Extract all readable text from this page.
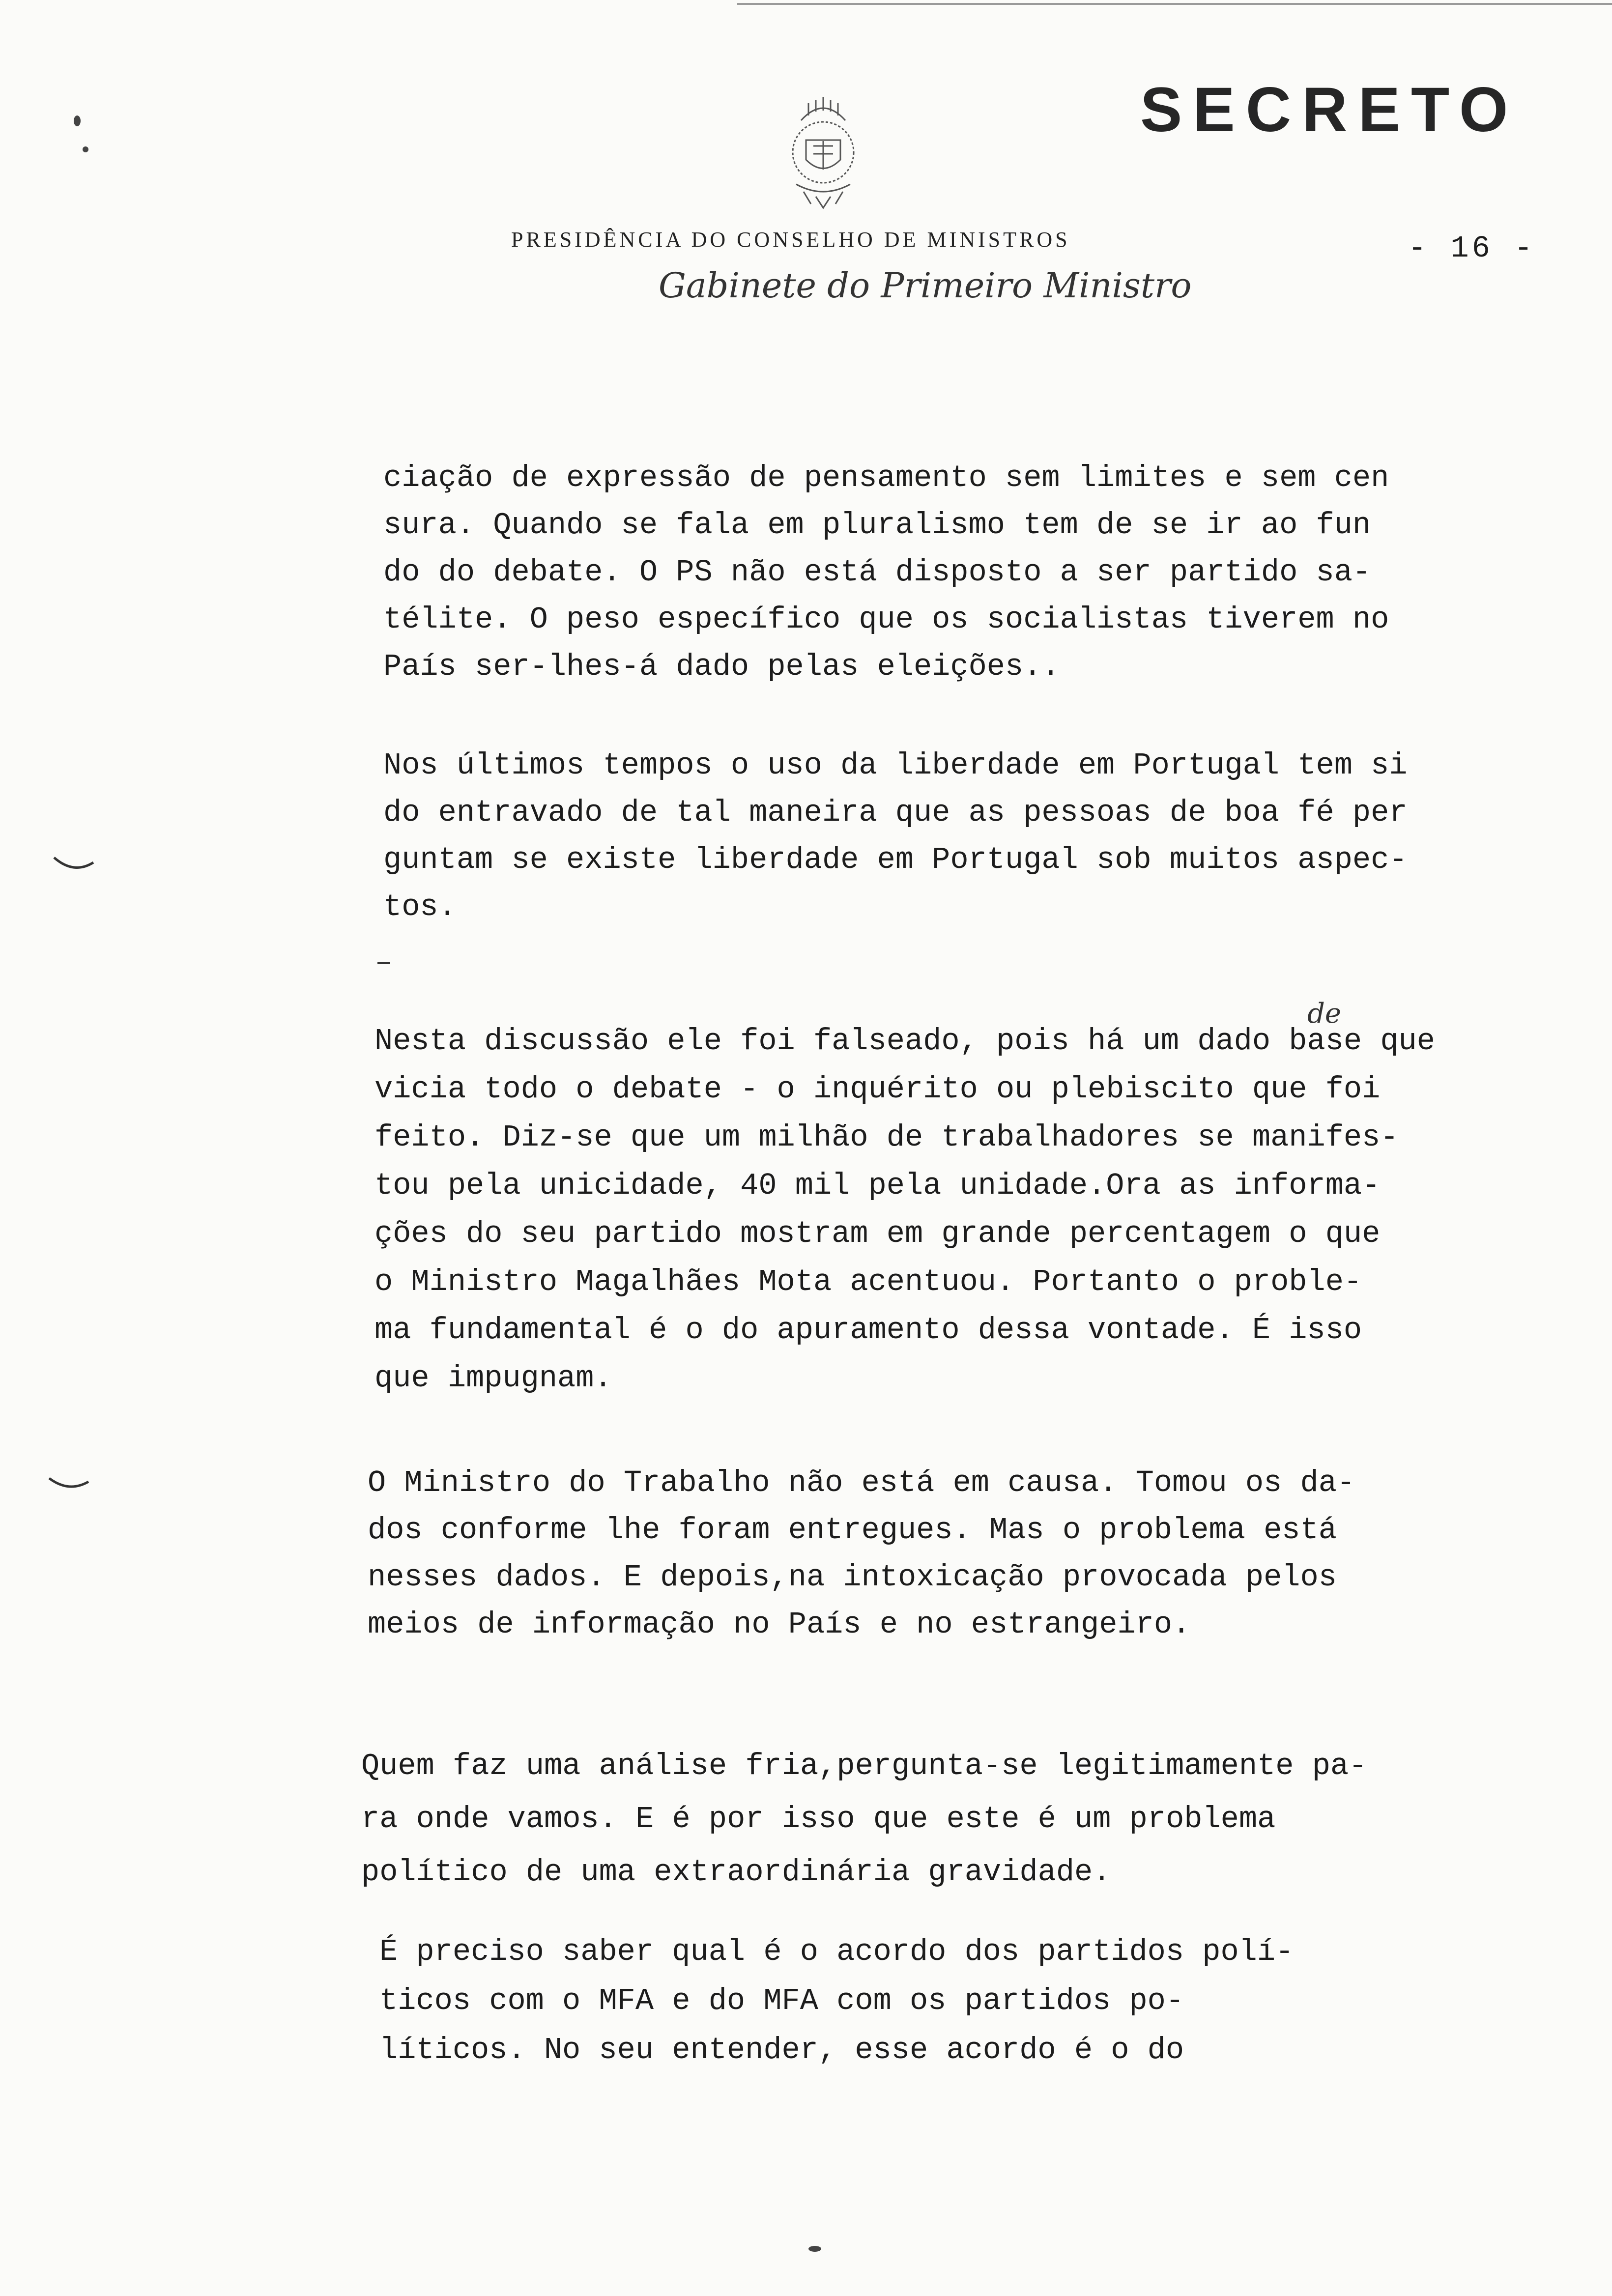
SECRETO
PRESIDÊNCIA DO CONSELHO DE MINISTROS
Gabinete do Primeiro Ministro
- 16 -
de
ciação de expressão de pensamento sem limites e sem cen
sura. Quando se fala em pluralismo tem de se ir ao fun
do do debate. O PS não está disposto a ser partido sa-
télite. O peso específico que os socialistas tiverem no
País ser-lhes-á dado pelas eleições..
Nos últimos tempos o uso da liberdade em Portugal tem si
do entravado de tal maneira que as pessoas de boa fé per
guntam se existe liberdade em Portugal sob muitos aspec-
tos.
Nesta discussão ele foi falseado, pois há um dado base que
vicia todo o debate - o inquérito ou plebiscito que foi
feito. Diz-se que um milhão de trabalhadores se manifes-
tou pela unicidade, 40 mil pela unidade.Ora as informa-
ções do seu partido mostram em grande percentagem o que
o Ministro Magalhães Mota acentuou. Portanto o proble-
ma fundamental é o do apuramento dessa vontade. É isso
que impugnam.
O Ministro do Trabalho não está em causa. Tomou os da-
dos conforme lhe foram entregues. Mas o problema está
nesses dados. E depois,na intoxicação provocada pelos
meios de informação no País e no estrangeiro.
Quem faz uma análise fria,pergunta-se legitimamente pa-
ra onde vamos. E é por isso que este é um problema
político de uma extraordinária gravidade.
É preciso saber qual é o acordo dos partidos polí-
ticos com o MFA e do MFA com os partidos po-
líticos. No seu entender, esse acordo é o do
